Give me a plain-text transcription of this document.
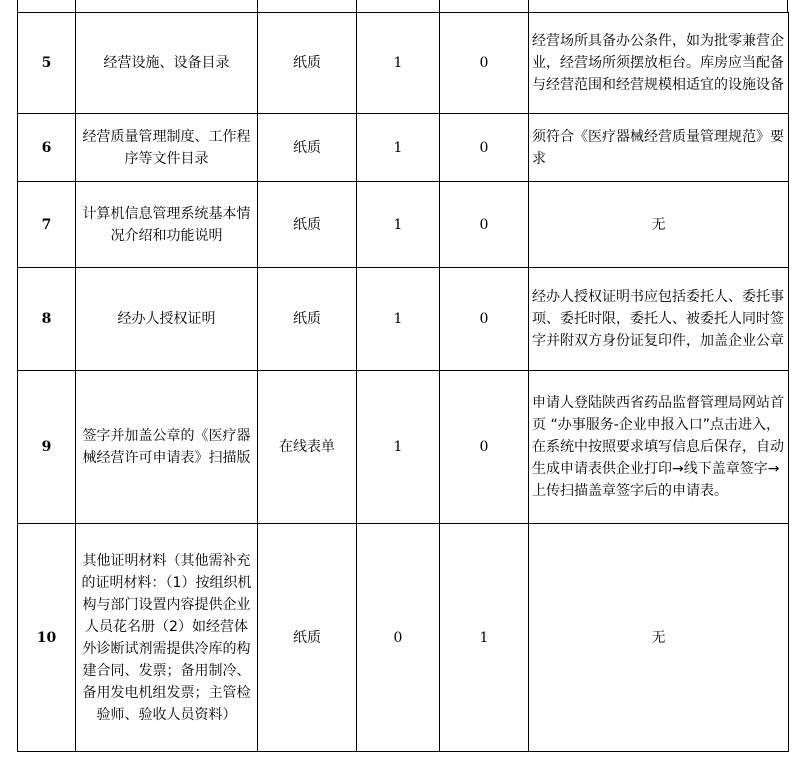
5	经营设施、设备目录	纸质	1	0	经营场所具备办公条件，如为批零兼营企业，经营场所须摆放柜台。库房应当配备与经营范围和经营规模相适宜的设施设备
6	经营质量管理制度、工作程序等文件目录	纸质	1	0	须符合《医疗器械经营质量管理规范》要求
7	计算机信息管理系统基本情况介绍和功能说明	纸质	1	0	无
8	经办人授权证明	纸质	1	0	经办人授权证明书应包括委托人、委托事项、委托时限，委托人、被委托人同时签字并附双方身份证复印件，加盖企业公章
9	签字并加盖公章的《医疗器械经营许可申请表》扫描版	在线表单	1	0	申请人登陆陕西省药品监督管理局网站首页 “办事服务-企业申报入口”点击进入，在系统中按照要求填写信息后保存，自动生成申请表供企业打印→线下盖章签字→上传扫描盖章签字后的申请表。
10	其他证明材料（其他需补充的证明材料：（1）按组织机构与部门设置内容提供企业人员花名册（2）如经营体外诊断试剂需提供冷库的构建合同、发票；备用制冷、备用发电机组发票；主管检验师、验收人员资料）	纸质	0	1	无
